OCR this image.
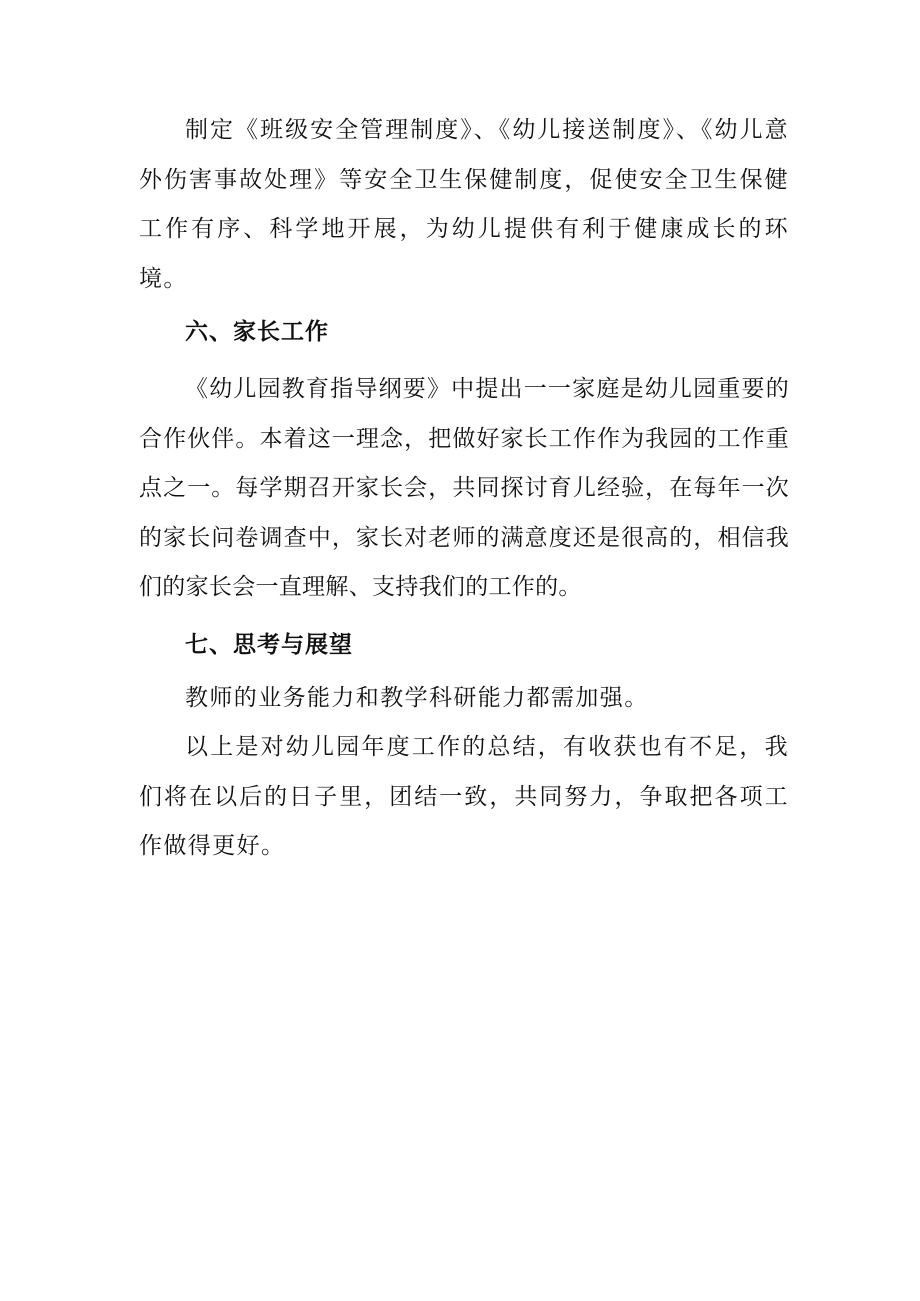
制定《班级安全管理制度》、《幼儿接送制度》、《幼儿意外伤害事故处理》等安全卫生保健制度，促使安全卫生保健工作有序、科学地开展，为幼儿提供有利于健康成长的环境。

六、家长工作

《幼儿园教育指导纲要》中提出一一家庭是幼儿园重要的合作伙伴。本着这一理念，把做好家长工作作为我园的工作重点之一。每学期召开家长会，共同探讨育儿经验，在每年一次的家长问卷调查中，家长对老师的满意度还是很高的，相信我们的家长会一直理解、支持我们的工作的。

七、思考与展望

教师的业务能力和教学科研能力都需加强。

以上是对幼儿园年度工作的总结，有收获也有不足，我们将在以后的日子里，团结一致，共同努力，争取把各项工作做得更好。
